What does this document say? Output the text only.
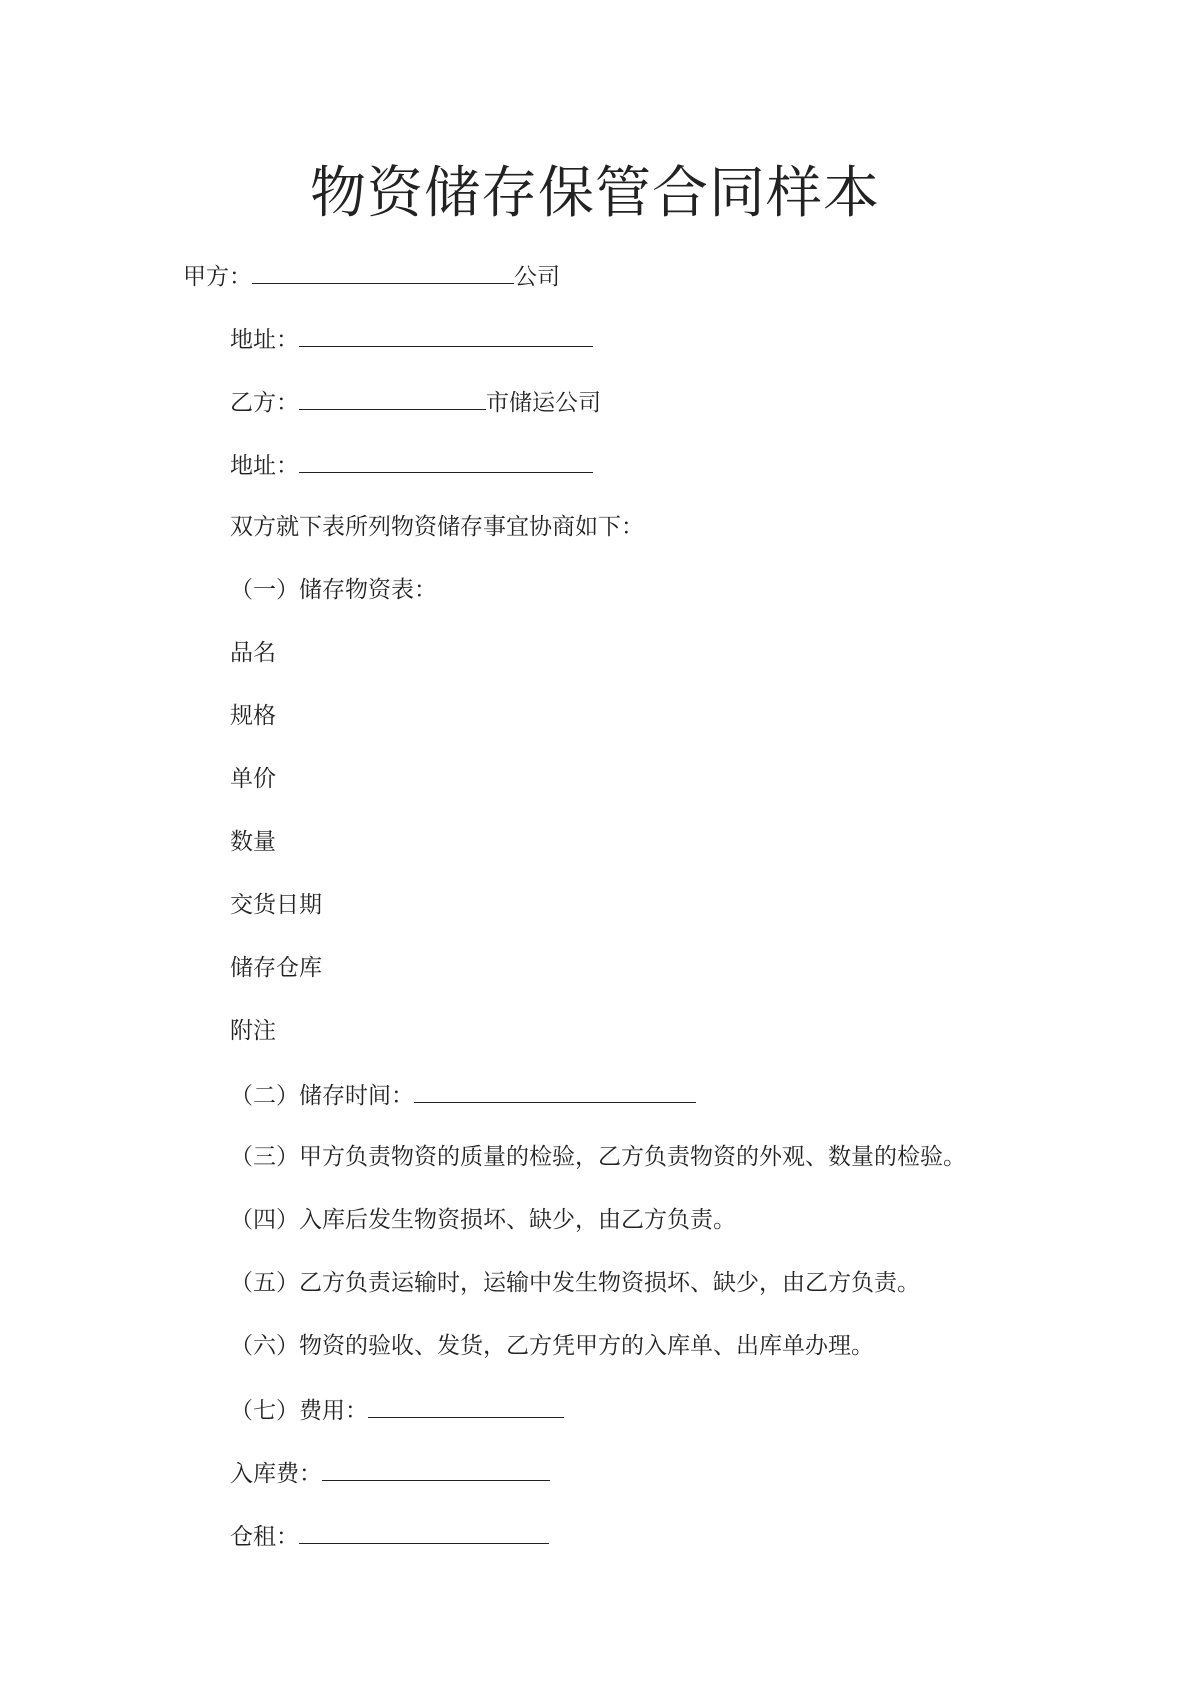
物资储存保管合同样本
甲方：	公司
地址：
乙方：	市储运公司
地址：
双方就下表所列物资储存事宜协商如下：
（一）储存物资表：
品名
规格
单价
数量
交货日期
储存仓库
附注
（二）储存时间：
（三）甲方负责物资的质量的检验，乙方负责物资的外观、数量的检验。
（四）入库后发生物资损坏、缺少，由乙方负责。
（五）乙方负责运输时，运输中发生物资损坏、缺少，由乙方负责。
（六）物资的验收、发货，乙方凭甲方的入库单、出库单办理。
（七）费用：
入库费：
仓租：
